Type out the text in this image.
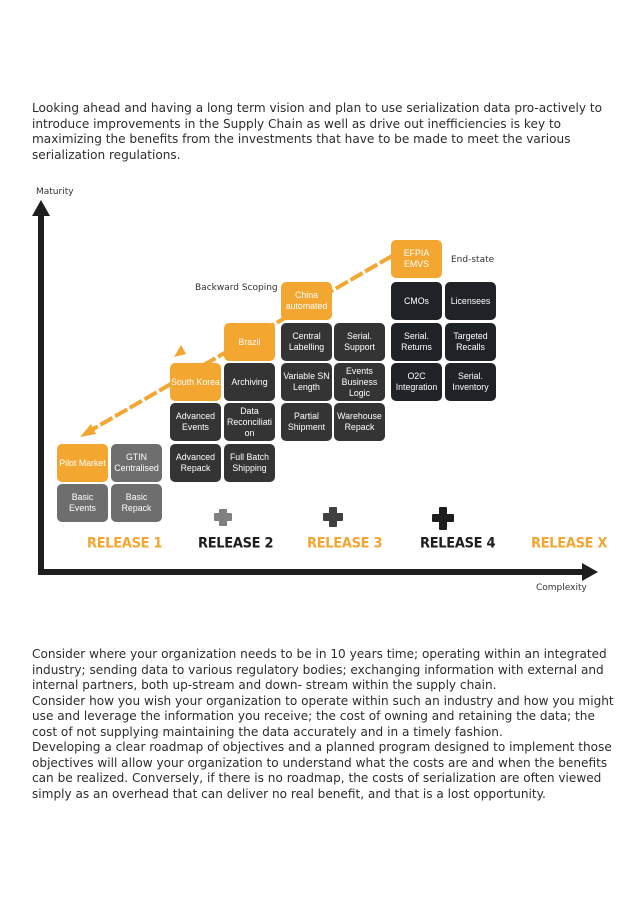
Looking ahead and having a long term vision and plan to use serialization data pro-actively to introduce improvements in the Supply Chain as well as drive out inefficiencies is key to maximizing the benefits from the investments that have to be made to meet the various serialization regulations.

Maturity
Complexity
Backward Scoping
End-state
Pilot Market
GTIN Centralised
Basic Events
Basic Repack
South Korea	Archiving
Advanced Events
Data Reconciliati on
Advanced Repack
Full Batch Shipping
Brazil
China automated
Central Labelling
Serial. Support
Variable SN Length
Events Business Logic
Partial Shipment
Warehouse Repack
EFPIA EMVS
CMOs	Licensees
Serial. Returns
Targeted Recalls
O2C Integration
Serial. Inventory
RELEASE 1	RELEASE 2	RELEASE 3	RELEASE 4	RELEASE X

Consider where your organization needs to be in 10 years time; operating within an integrated industry; sending data to various regulatory bodies; exchanging information with external and internal partners, both up-stream and down- stream within the supply chain.

Consider how you wish your organization to operate within such an industry and how you might use and leverage the information you receive; the cost of owning and retaining the data; the cost of not supplying maintaining the data accurately and in a timely fashion.

Developing a clear roadmap of objectives and a planned program designed to implement those objectives will allow your organization to understand what the costs are and when the benefits can be realized. Conversely, if there is no roadmap, the costs of serialization are often viewed simply as an overhead that can deliver no real benefit, and that is a lost opportunity.
